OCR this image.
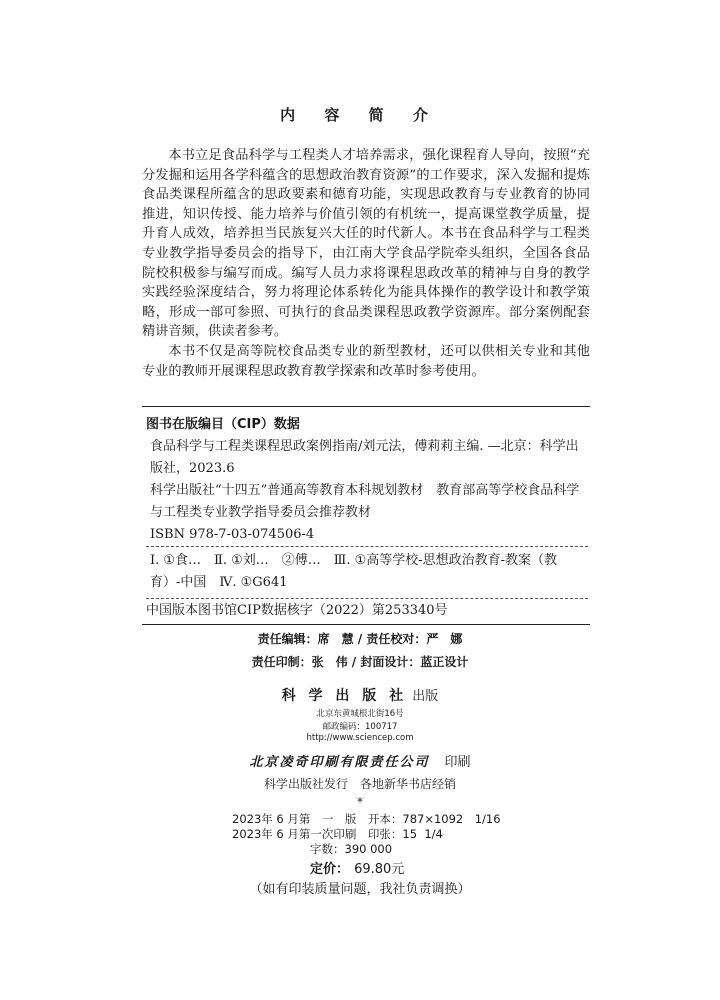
内 容 简 介

本书立足食品科学与工程类人才培养需求，强化课程育人导向，按照“充分发掘和运用各学科蕴含的思想政治教育资源”的工作要求，深入发掘和提炼食品类课程所蕴含的思政要素和德育功能，实现思政教育与专业教育的协同推进，知识传授、能力培养与价值引领的有机统一，提高课堂教学质量，提升育人成效，培养担当民族复兴大任的时代新人。本书在食品科学与工程类专业教学指导委员会的指导下，由江南大学食品学院牵头组织，全国各食品院校积极参与编写而成。编写人员力求将课程思政改革的精神与自身的教学实践经验深度结合，努力将理论体系转化为能具体操作的教学设计和教学策略，形成一部可参照、可执行的食品类课程思政教学资源库。部分案例配套精讲音频，供读者参考。

本书不仅是高等院校食品类专业的新型教材，还可以供相关专业和其他专业的教师开展课程思政教育教学探索和改革时参考使用。

图书在版编目（CIP）数据

食品科学与工程类课程思政案例指南/刘元法，傅莉莉主编. —北京：科学出版社，2023.6

科学出版社“十四五”普通高等教育本科规划教材　教育部高等学校食品科学与工程类专业教学指导委员会推荐教材

ISBN 978-7-03-074506-4

Ⅰ. ①食…　Ⅱ. ①刘…　②傅…　Ⅲ. ①高等学校-思想政治教育-教案（教育）-中国　Ⅳ. ①G641

中国版本图书馆CIP数据核字（2022）第253340号

责任编辑：席　慧 / 责任校对：严　娜
责任印制：张　伟 / 封面设计：蓝正设计
科 学 出 版 社 出版
北京东黄城根北街16号
邮政编码：100717
http://www.sciencep.com
北京凌奇印刷有限责任公司 印刷
科学出版社发行　各地新华书店经销
*
2023年 6 月第　一　版　开本：787×1092　1/16
2023年 6 月第一次印刷　印张：15  1/4
字数：390 000
定价： 69.80元
（如有印装质量问题，我社负责调换）
